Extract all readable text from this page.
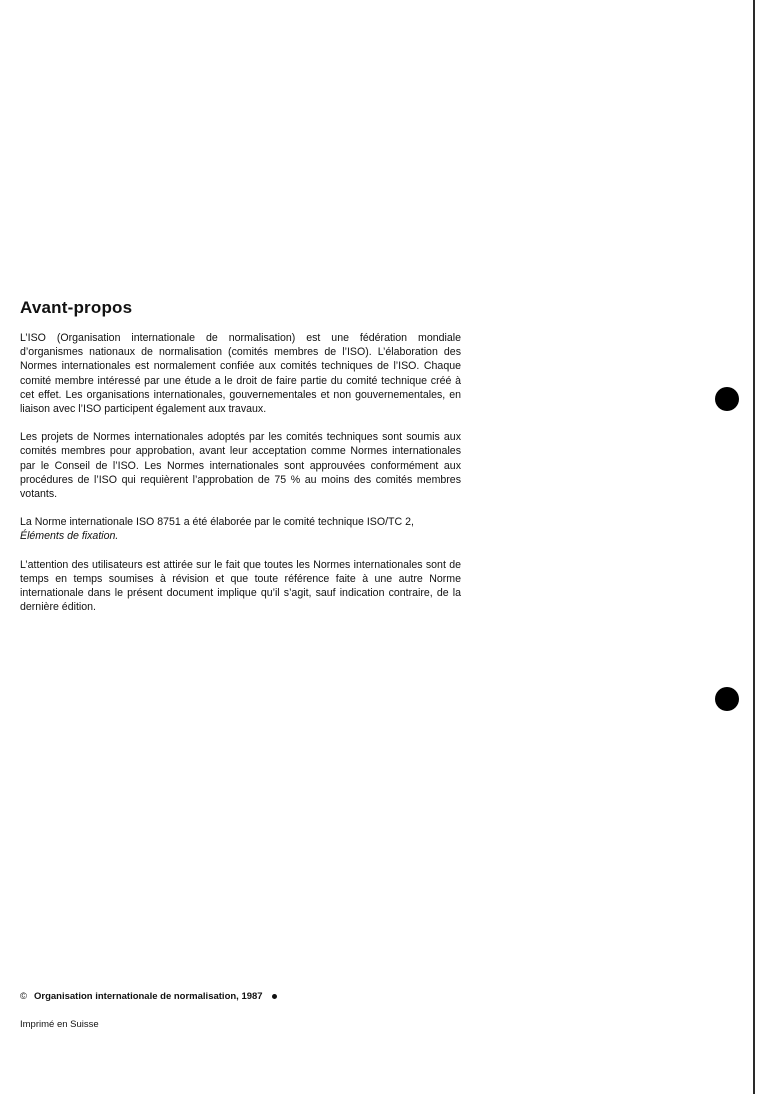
Avant-propos

L’ISO (Organisation internationale de normalisation) est une fédération mondiale d’organismes nationaux de normalisation (comités membres de l’ISO). L’élaboration des Normes internationales est normalement confiée aux comités techniques de l’ISO. Chaque comité membre intéressé par une étude a le droit de faire partie du comité technique créé à cet effet. Les organisations internationales, gouvernementales et non gouvernementales, en liaison avec l’ISO participent également aux travaux.

Les projets de Normes internationales adoptés par les comités techniques sont soumis aux comités membres pour approbation, avant leur acceptation comme Normes internationales par le Conseil de l’ISO. Les Normes internationales sont approuvées conformément aux procédures de l’ISO qui requièrent l’approbation de 75 % au moins des comités membres votants.

La Norme internationale ISO 8751 a été élaborée par le comité technique ISO/TC 2,
Éléments de fixation.

L’attention des utilisateurs est attirée sur le fait que toutes les Normes internationales sont de temps en temps soumises à révision et que toute référence faite à une autre Norme internationale dans le présent document implique qu’il s’agit, sauf indication contraire, de la dernière édition.

© Organisation internationale de normalisation, 1987
Imprimé en Suisse
